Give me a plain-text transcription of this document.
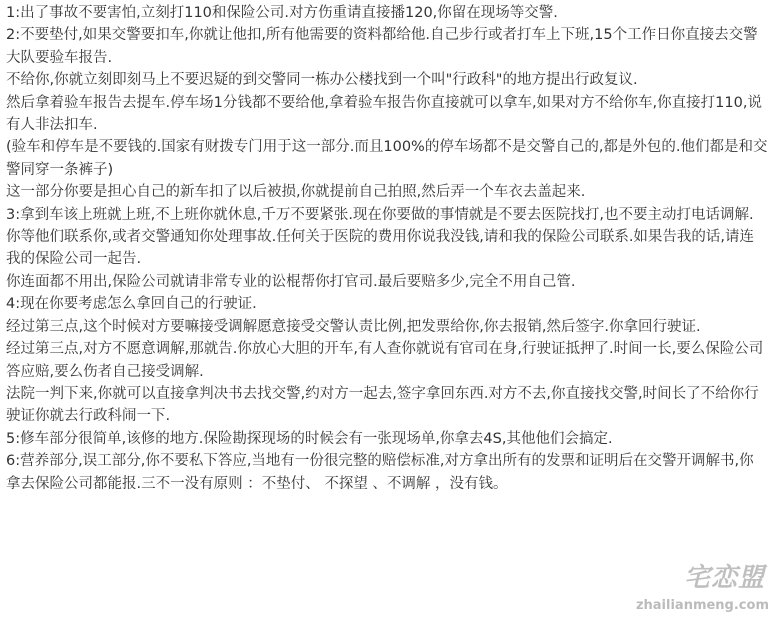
1:出了事故不要害怕,立刻打110和保险公司.对方伤重请直接播120,你留在现场等交警.

2:不要垫付,如果交警要扣车,你就让他扣,所有他需要的资料都给他.自己步行或者打车上下班,15个工作日你直接去交警大队要验车报告.

不给你,你就立刻即刻马上不要迟疑的到交警同一栋办公楼找到一个叫"行政科"的地方提出行政复议.

然后拿着验车报告去提车.停车场1分钱都不要给他,拿着验车报告你直接就可以拿车,如果对方不给你车,你直接打110,说有人非法扣车.

(验车和停车是不要钱的.国家有财拨专门用于这一部分.而且100%的停车场都不是交警自己的,都是外包的.他们都是和交警同穿一条裤子)

这一部分你要是担心自己的新车扣了以后被损,你就提前自己拍照,然后弄一个车衣去盖起来.

3:拿到车该上班就上班,不上班你就休息,千万不要紧张.现在你要做的事情就是不要去医院找打,也不要主动打电话调解.

你等他们联系你,或者交警通知你处理事故.任何关于医院的费用你说我没钱,请和我的保险公司联系.如果告我的话,请连我的保险公司一起告.

你连面都不用出,保险公司就请非常专业的讼棍帮你打官司.最后要赔多少,完全不用自己管.

4:现在你要考虑怎么拿回自己的行驶证.

经过第三点,这个时候对方要嘛接受调解愿意接受交警认责比例,把发票给你,你去报销,然后签字.你拿回行驶证.

经过第三点,对方不愿意调解,那就告.你放心大胆的开车,有人查你就说有官司在身,行驶证抵押了.时间一长,要么保险公司答应赔,要么伤者自己接受调解.

法院一判下来,你就可以直接拿判决书去找交警,约对方一起去,签字拿回东西.对方不去,你直接找交警,时间长了不给你行驶证你就去行政科闹一下.

5:修车部分很简单,该修的地方.保险勘探现场的时候会有一张现场单,你拿去4S,其他他们会搞定.

6:营养部分,误工部分,你不要私下答应,当地有一份很完整的赔偿标准,对方拿出所有的发票和证明后在交警开调解书,你拿去保险公司都能报.三不一没有原则 ：不垫付、 不探望 、不调解 ，没有钱。

宅恋盟
zhailianmeng.com
